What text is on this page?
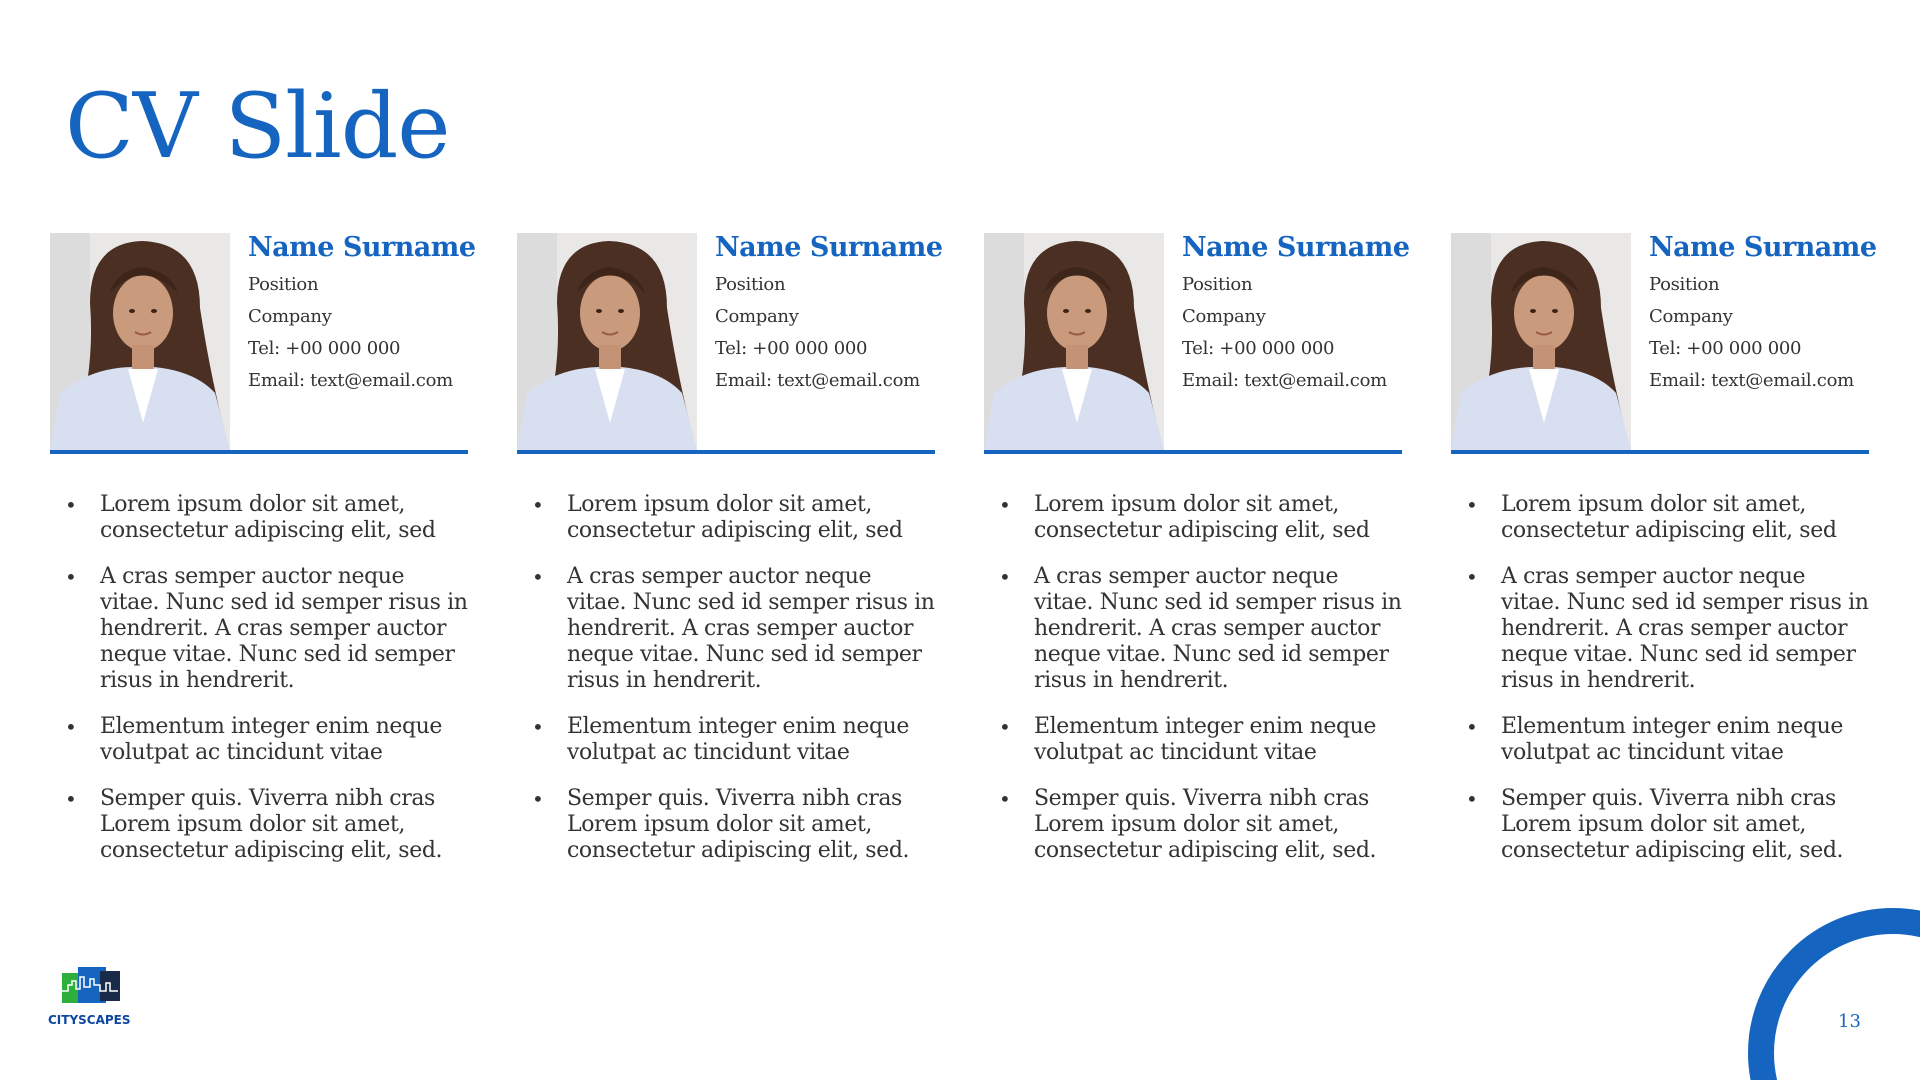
CV Slide
Name Surname
Position
Company
Tel: +00 000 000
Email: text@email.com
• Lorem ipsum dolor sit amet, consectetur adipiscing elit, sed
• A cras semper auctor neque vitae. Nunc sed id semper risus in hendrerit. A cras semper auctor neque vitae. Nunc sed id semper risus in hendrerit.
• Elementum integer enim neque volutpat ac tincidunt vitae
• Semper quis. Viverra nibh cras Lorem ipsum dolor sit amet, consectetur adipiscing elit, sed.
Name Surname
Position
Company
Tel: +00 000 000
Email: text@email.com
• Lorem ipsum dolor sit amet, consectetur adipiscing elit, sed
• A cras semper auctor neque vitae. Nunc sed id semper risus in hendrerit. A cras semper auctor neque vitae. Nunc sed id semper risus in hendrerit.
• Elementum integer enim neque volutpat ac tincidunt vitae
• Semper quis. Viverra nibh cras Lorem ipsum dolor sit amet, consectetur adipiscing elit, sed.
Name Surname
Position
Company
Tel: +00 000 000
Email: text@email.com
• Lorem ipsum dolor sit amet, consectetur adipiscing elit, sed
• A cras semper auctor neque vitae. Nunc sed id semper risus in hendrerit. A cras semper auctor neque vitae. Nunc sed id semper risus in hendrerit.
• Elementum integer enim neque volutpat ac tincidunt vitae
• Semper quis. Viverra nibh cras Lorem ipsum dolor sit amet, consectetur adipiscing elit, sed.
Name Surname
Position
Company
Tel: +00 000 000
Email: text@email.com
• Lorem ipsum dolor sit amet, consectetur adipiscing elit, sed
• A cras semper auctor neque vitae. Nunc sed id semper risus in hendrerit. A cras semper auctor neque vitae. Nunc sed id semper risus in hendrerit.
• Elementum integer enim neque volutpat ac tincidunt vitae
• Semper quis. Viverra nibh cras Lorem ipsum dolor sit amet, consectetur adipiscing elit, sed.
CITYSCAPES	13
